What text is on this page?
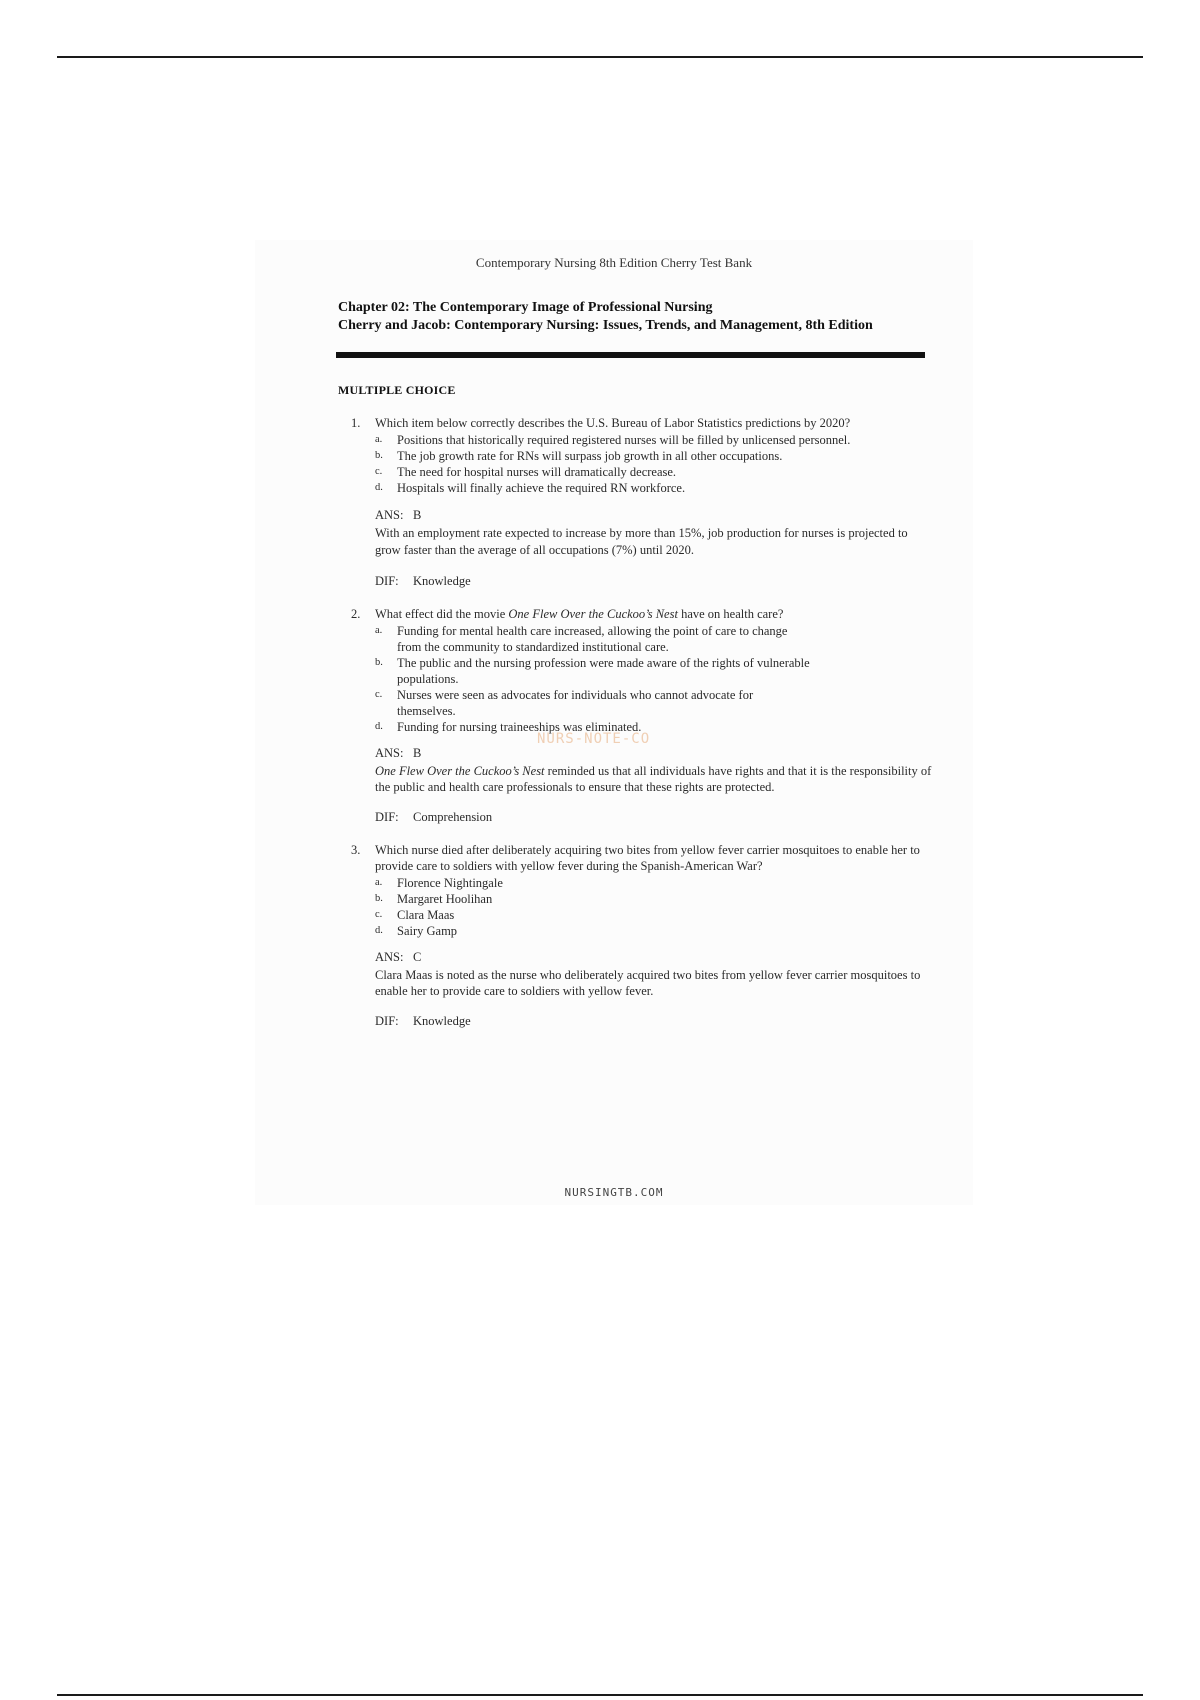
Contemporary Nursing 8th Edition Cherry Test Bank
Chapter 02: The Contemporary Image of Professional Nursing
Cherry and Jacob: Contemporary Nursing: Issues, Trends, and Management, 8th Edition
MULTIPLE CHOICE
1. Which item below correctly describes the U.S. Bureau of Labor Statistics predictions by 2020?
a. Positions that historically required registered nurses will be filled by unlicensed personnel.
b. The job growth rate for RNs will surpass job growth in all other occupations.
c. The need for hospital nurses will dramatically decrease.
d. Hospitals will finally achieve the required RN workforce.
ANS: B
With an employment rate expected to increase by more than 15%, job production for nurses is projected to grow faster than the average of all occupations (7%) until 2020.
DIF: Knowledge
2. What effect did the movie One Flew Over the Cuckoo’s Nest have on health care?
a. Funding for mental health care increased, allowing the point of care to change from the community to standardized institutional care.
b. The public and the nursing profession were made aware of the rights of vulnerable populations.
c. Nurses were seen as advocates for individuals who cannot advocate for themselves.
d. Funding for nursing traineeships was eliminated.
ANS: B
One Flew Over the Cuckoo’s Nest reminded us that all individuals have rights and that it is the responsibility of the public and health care professionals to ensure that these rights are protected.
DIF: Comprehension
3. Which nurse died after deliberately acquiring two bites from yellow fever carrier mosquitoes to enable her to provide care to soldiers with yellow fever during the Spanish-American War?
a. Florence Nightingale
b. Margaret Hoolihan
c. Clara Maas
d. Sairy Gamp
ANS: C
Clara Maas is noted as the nurse who deliberately acquired two bites from yellow fever carrier mosquitoes to enable her to provide care to soldiers with yellow fever.
DIF: Knowledge
NURSINGTB.COM
NURS-NOTE-CO
